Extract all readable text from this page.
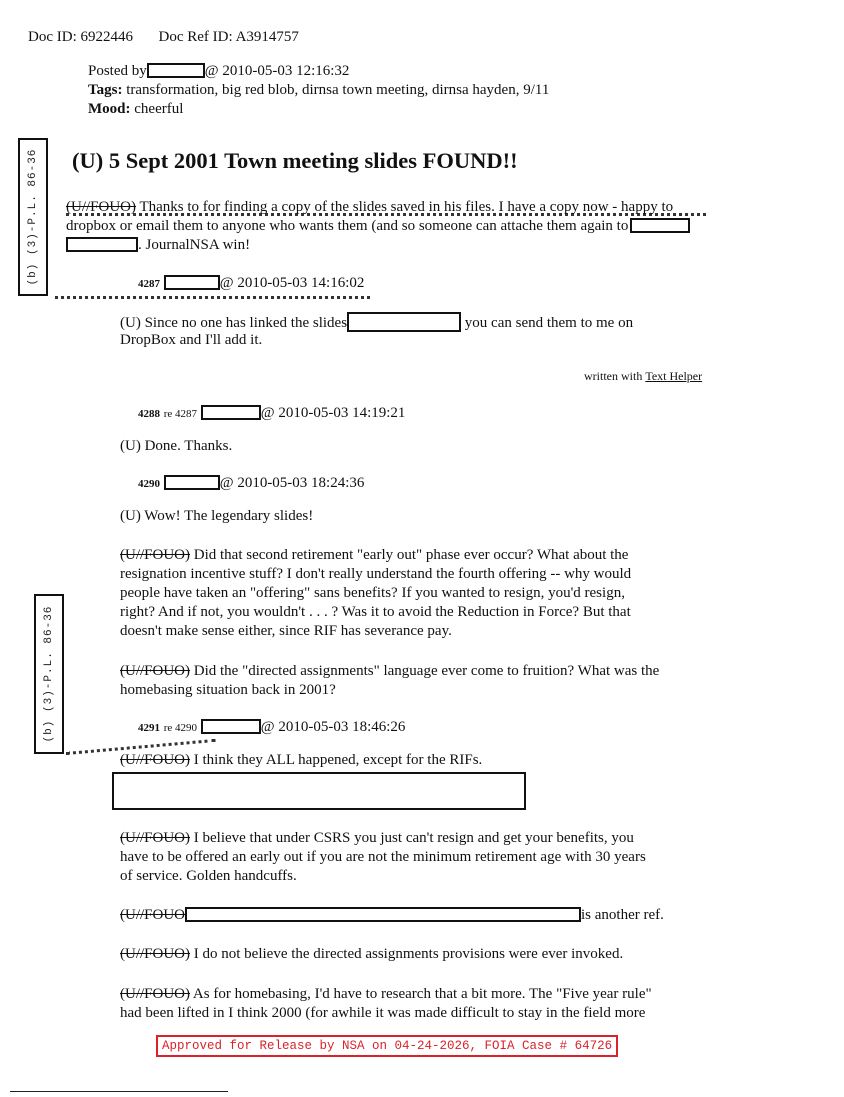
Doc ID: 6922446 Doc Ref ID: A3914757
Posted by	@ 2010-05-03 12:16:32
Tags: transformation, big red blob, dirnsa town meeting, dirnsa hayden, 9/11
Mood: cheerful
(b) (3)-P.L. 86-36
(b) (3)-P.L. 86-36
(U) 5 Sept 2001 Town meeting slides FOUND!!
(U//FOUO) Thanks to for finding a copy of the slides saved in his files. I have a copy now - happy to
dropbox or email them to anyone who wants them (and so someone can attache them again to
. JournalNSA win!
4287	@ 2010-05-03 14:16:02
(U) Since no one has linked the slides	you can send them to me on
DropBox and I'll add it.
written with Text Helper
4288 re 4287	@ 2010-05-03 14:19:21
(U) Done. Thanks.
4290	@ 2010-05-03 18:24:36
(U) Wow! The legendary slides!
(U//FOUO) Did that second retirement "early out" phase ever occur? What about the
resignation incentive stuff? I don't really understand the fourth offering -- why would
people have taken an "offering" sans benefits? If you wanted to resign, you'd resign,
right? And if not, you wouldn't . . . ? Was it to avoid the Reduction in Force? But that
doesn't make sense either, since RIF has severance pay.
(U//FOUO) Did the "directed assignments" language ever come to fruition? What was the
homebasing situation back in 2001?
4291 re 4290	@ 2010-05-03 18:46:26
(U//FOUO) I think they ALL happened, except for the RIFs.
(U//FOUO) I believe that under CSRS you just can't resign and get your benefits, you
have to be offered an early out if you are not the minimum retirement age with 30 years
of service. Golden handcuffs.
(U//FOUO	is another ref.
(U//FOUO) I do not believe the directed assignments provisions were ever invoked.
(U//FOUO) As for homebasing, I'd have to research that a bit more. The "Five year rule"
had been lifted in I think 2000 (for awhile it was made difficult to stay in the field more
Approved for Release by NSA on 04-24-2026, FOIA Case # 64726
